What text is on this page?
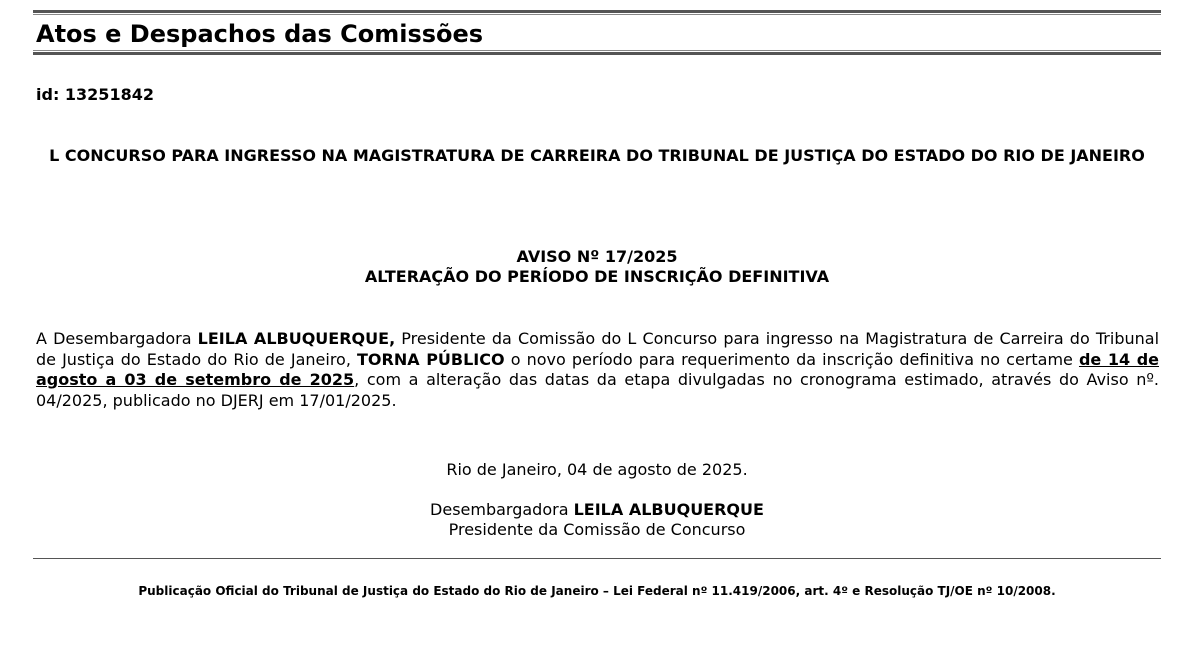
Atos e Despachos das Comissões
id: 13251842
L CONCURSO PARA INGRESSO NA MAGISTRATURA DE CARREIRA DO TRIBUNAL DE JUSTIÇA DO ESTADO DO RIO DE JANEIRO
AVISO Nº 17/2025
ALTERAÇÃO DO PERÍODO DE INSCRIÇÃO DEFINITIVA
A Desembargadora LEILA ALBUQUERQUE, Presidente da Comissão do L Concurso para ingresso na Magistratura de Carreira do Tribunal de Justiça do Estado do Rio de Janeiro, TORNA PÚBLICO o novo período para requerimento da inscrição definitiva no certame de 14 de agosto a 03 de setembro de 2025, com a alteração das datas da etapa divulgadas no cronograma estimado, através do Aviso nº. 04/2025, publicado no DJERJ em 17/01/2025.
Rio de Janeiro, 04 de agosto de 2025.
Desembargadora LEILA ALBUQUERQUE
Presidente da Comissão de Concurso
Publicação Oficial do Tribunal de Justiça do Estado do Rio de Janeiro – Lei Federal nº 11.419/2006, art. 4º e Resolução TJ/OE nº 10/2008.
